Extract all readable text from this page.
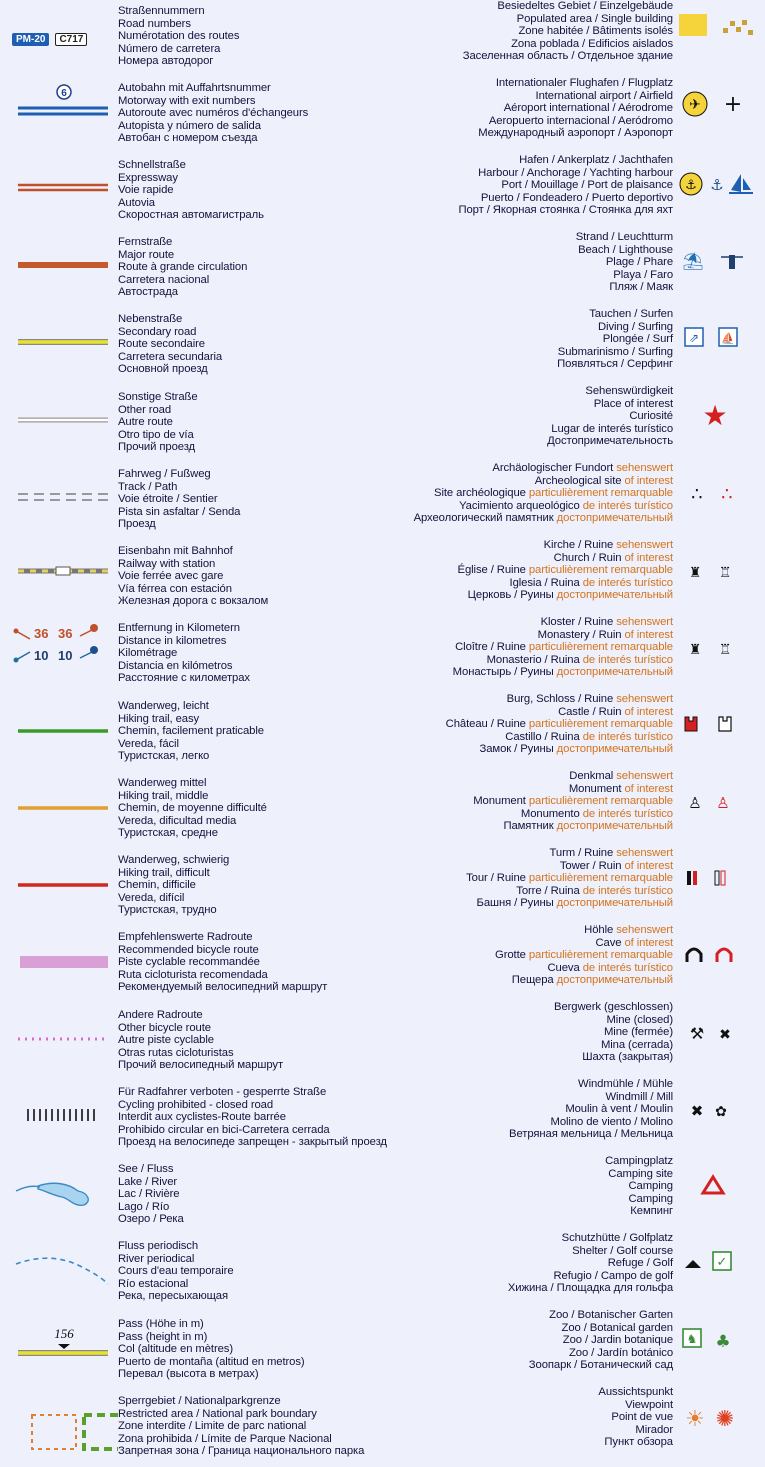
PM-20 C717
Straßennummern
Road numbers
Numérotation des routes
Número de carretera
Номера автодорог
6	Autobahn mit Auffahrtsnummer
Motorway with exit numbers
Autoroute avec numéros d'échangeurs
Autopista y número de salida
Автобан с номером съезда
Schnellstraße
Expressway
Voie rapide
Autovia
Скоростная автомагистраль
Fernstraße
Major route
Route à grande circulation
Carretera nacional
Автострада
Nebenstraße
Secondary road
Route secondaire
Carretera secundaria
Основной проезд
Sonstige Straße
Other road
Autre route
Otro tipo de vía
Прочий проезд
Fahrweg / Fußweg
Track / Path
Voie étroite / Sentier
Pista sin asfaltar / Senda
Проезд
Eisenbahn mit Bahnhof
Railway with station
Voie ferrée avec gare
Vía férrea con estación
Железная дорога с вокзалом
36 36
10 10
Entfernung in Kilometern
Distance in kilometres
Kilométrage
Distancia en kilómetros
Расстояние с километрах
Wanderweg, leicht
Hiking trail, easy
Chemin, facilement praticable
Vereda, fácil
Туристская, легко
Wanderweg mittel
Hiking trail, middle
Chemin, de moyenne difficulté
Vereda, dificultad media
Туристская, средне
Wanderweg, schwierig
Hiking trail, difficult
Chemin, difficile
Vereda, difícil
Туристская, трудно
Empfehlenswerte Radroute
Recommended bicycle route
Piste cyclable recommandée
Ruta cicloturista recomendada
Рекомендуемый велосипедний маршрут
Andere Radroute
Other bicycle route
Autre piste cyclable
Otras rutas cicloturistas
Прочий велосипедный маршрут
Für Radfahrer verboten - gesperrte Straße
Cycling prohibited - closed road
Interdit aux cyclistes-Route barrée
Prohibido circular en bici-Carretera cerrada
Проезд на велосипеде запрещен - закрытый проезд
See / Fluss
Lake / River
Lac / Rivière
Lago / Río
Озеро / Река
Fluss periodisch
River periodical
Cours d'eau temporaire
Río estacional
Река, пересыхающая
156
Pass (Höhe in m)
Pass (height in m)
Col (altitude en mètres)
Puerto de montaña (altitud en metros)
Перевал (высота в метрах)
Sperrgebiet / Nationalparkgrenze
Restricted area / National park boundary
Zone interdite / Limite de parc national
Zona prohibida / Límite de Parque Nacional
Запретная зона / Граница национального парка
Besiedeltes Gebiet / Einzelgebäude
Populated area / Single building
Zone habitée / Bâtiments isolés
Zona poblada / Edificios aislados
Заселенная область / Отдельное здание
Internationaler Flughafen / Flugplatz
International airport / Airfield
Aéroport international / Aérodrome
Aeropuerto internacional / Aeródromo
Международный аэропорт / Аэропорт
✈ +
Hafen / Ankerplatz / Jachthafen
Harbour / Anchorage / Yachting harbour
Port / Mouillage / Port de plaisance
Puerto / Fondeadero / Puerto deportivo
Порт / Якорная стоянка / Стоянка для яхт
⚓ ⚓
Strand / Leuchtturm
Beach / Lighthouse
Plage / Phare
Playa / Faro
Пляж / Маяк
⛱
Tauchen / Surfen
Diving / Surfing
Plongée / Surf
Submarinismo / Surfing
Появляться / Серфинг
⇗ ⛵
Sehenswürdigkeit
Place of interest
Curiosité
Lugar de interés turístico
Достопримечательность
★
Archäologischer Fundort sehenswert
Archeological site of interest
Site archéologique particulièrement remarquable
Yacimiento arqueológico de interés turístico
Археологический памятник достопримечательный
∴ ∴
Kirche / Ruine sehenswert
Church / Ruin of interest
Église / Ruine particulièrement remarquable
Iglesia / Ruina de interés turístico
Церковь / Руины достопримечательный
♜ ♖
Kloster / Ruine sehenswert
Monastery / Ruin of interest
Cloître / Ruine particulièrement remarquable
Monasterio / Ruina de interés turístico
Монастырь / Руины достопримечательный
♜ ♖
Burg, Schloss / Ruine sehenswert
Castle / Ruin of interest
Château / Ruine particulièrement remarquable
Castillo / Ruina de interés turístico
Замок / Руины достопримечательный
Denkmal sehenswert
Monument of interest
Monument particulièrement remarquable
Monumento de interés turístico
Памятник достопримечательный
♙ ♙
Turm / Ruine sehenswert
Tower / Ruin of interest
Tour / Ruine particulièrement remarquable
Torre / Ruina de interés turístico
Башня / Руины достопримечательный
Höhle sehenswert
Cave of interest
Grotte particulièrement remarquable
Cueva de interés turístico
Пещера достопримечательный
Bergwerk (geschlossen)
Mine (closed)
Mine (fermée)
Mina (cerrada)
Шахта (закрытая)
⚒ ✖
Windmühle / Mühle
Windmill / Mill
Moulin à vent / Moulin
Molino de viento / Molino
Ветряная мельница / Мельница
✖ ✿
Campingplatz
Camping site
Camping
Camping
Кемпинг
Schutzhütte / Golfplatz
Shelter / Golf course
Refuge / Golf
Refugio / Campo de golf
Хижина / Площадка для гольфа
✓
Zoo / Botanischer Garten
Zoo / Botanical garden
Zoo / Jardin botanique
Zoo / Jardín botánico
Зоопарк / Ботанический сад
♞ ♣
Aussichtspunkt
Viewpoint
Point de vue
Mirador
Пункт обзора
☀ ✺
